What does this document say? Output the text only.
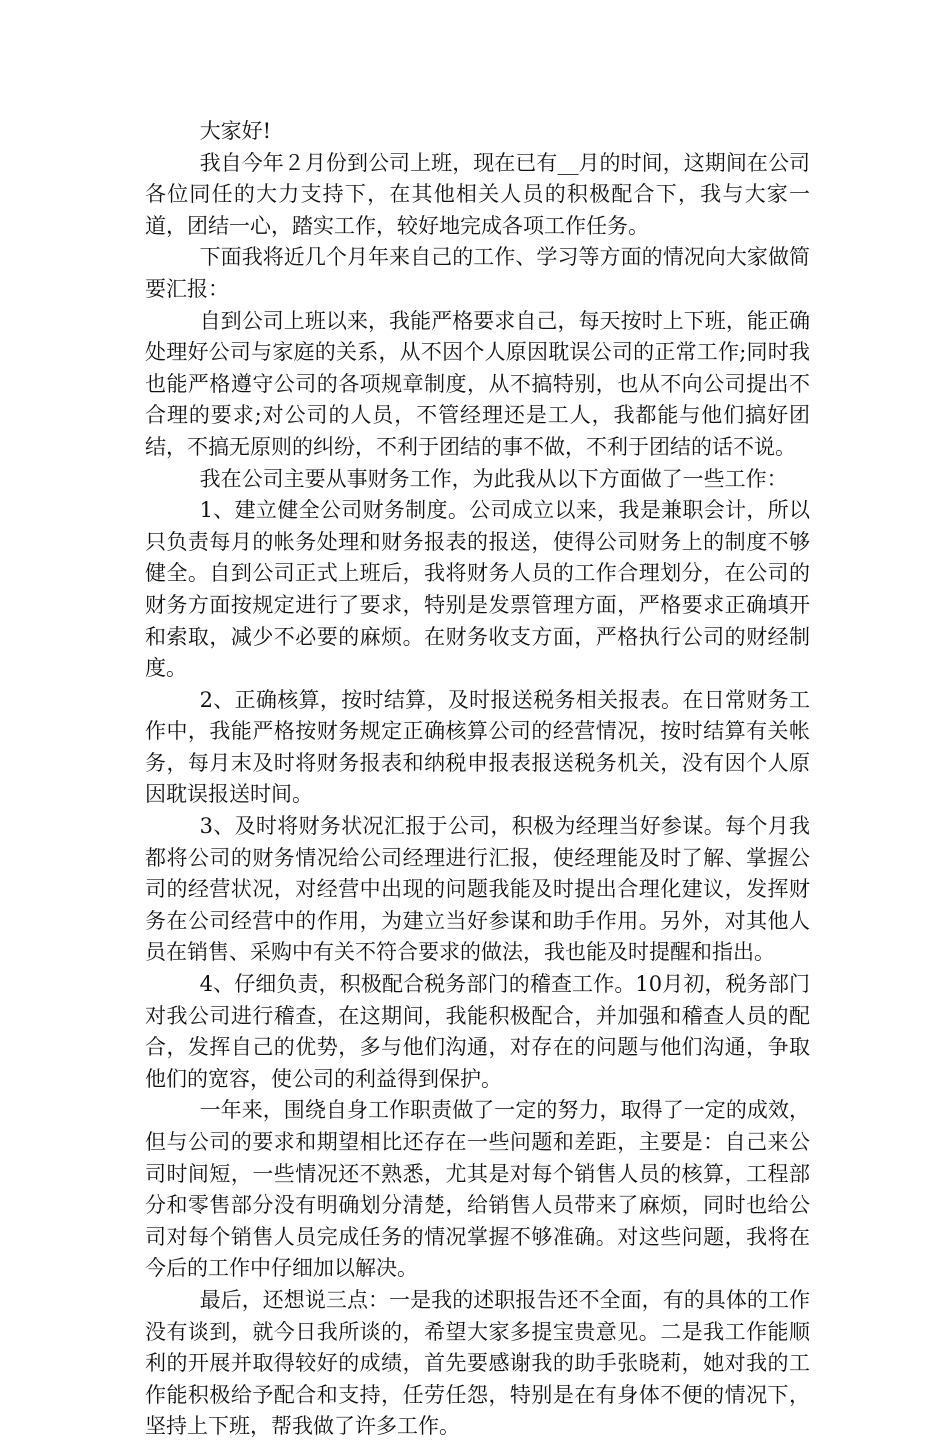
大家好!

我自今年２月份到公司上班，现在已有__月的时间，这期间在公司各位同任的大力支持下，在其他相关人员的积极配合下，我与大家一道，团结一心，踏实工作，较好地完成各项工作任务。

下面我将近几个月年来自己的工作、学习等方面的情况向大家做简要汇报：

自到公司上班以来，我能严格要求自己，每天按时上下班，能正确处理好公司与家庭的关系，从不因个人原因耽误公司的正常工作;同时我也能严格遵守公司的各项规章制度，从不搞特别，也从不向公司提出不合理的要求;对公司的人员，不管经理还是工人，我都能与他们搞好团结，不搞无原则的纠纷，不利于团结的事不做，不利于团结的话不说。

我在公司主要从事财务工作，为此我从以下方面做了一些工作：

1、建立健全公司财务制度。公司成立以来，我是兼职会计，所以只负责每月的帐务处理和财务报表的报送，使得公司财务上的制度不够健全。自到公司正式上班后，我将财务人员的工作合理划分，在公司的财务方面按规定进行了要求，特别是发票管理方面，严格要求正确填开和索取，减少不必要的麻烦。在财务收支方面，严格执行公司的财经制度。

2、正确核算，按时结算，及时报送税务相关报表。在日常财务工作中，我能严格按财务规定正确核算公司的经营情况，按时结算有关帐务，每月末及时将财务报表和纳税申报表报送税务机关，没有因个人原因耽误报送时间。

3、及时将财务状况汇报于公司，积极为经理当好参谋。每个月我都将公司的财务情况给公司经理进行汇报，使经理能及时了解、掌握公司的经营状况，对经营中出现的问题我能及时提出合理化建议，发挥财务在公司经营中的作用，为建立当好参谋和助手作用。另外，对其他人员在销售、采购中有关不符合要求的做法，我也能及时提醒和指出。

4、仔细负责，积极配合税务部门的稽查工作。10月初，税务部门对我公司进行稽查，在这期间，我能积极配合，并加强和稽查人员的配合，发挥自己的优势，多与他们沟通，对存在的问题与他们沟通，争取他们的宽容，使公司的利益得到保护。

一年来，围绕自身工作职责做了一定的努力，取得了一定的成效，但与公司的要求和期望相比还存在一些问题和差距，主要是：自己来公司时间短，一些情况还不熟悉，尤其是对每个销售人员的核算，工程部分和零售部分没有明确划分清楚，给销售人员带来了麻烦，同时也给公司对每个销售人员完成任务的情况掌握不够准确。对这些问题，我将在今后的工作中仔细加以解决。

最后，还想说三点：一是我的述职报告还不全面，有的具体的工作没有谈到，就今日我所谈的，希望大家多提宝贵意见。二是我工作能顺利的开展并取得较好的成绩，首先要感谢我的助手张晓莉，她对我的工作能积极给予配合和支持，任劳任怨，特别是在有身体不便的情况下，坚持上下班，帮我做了许多工作。
